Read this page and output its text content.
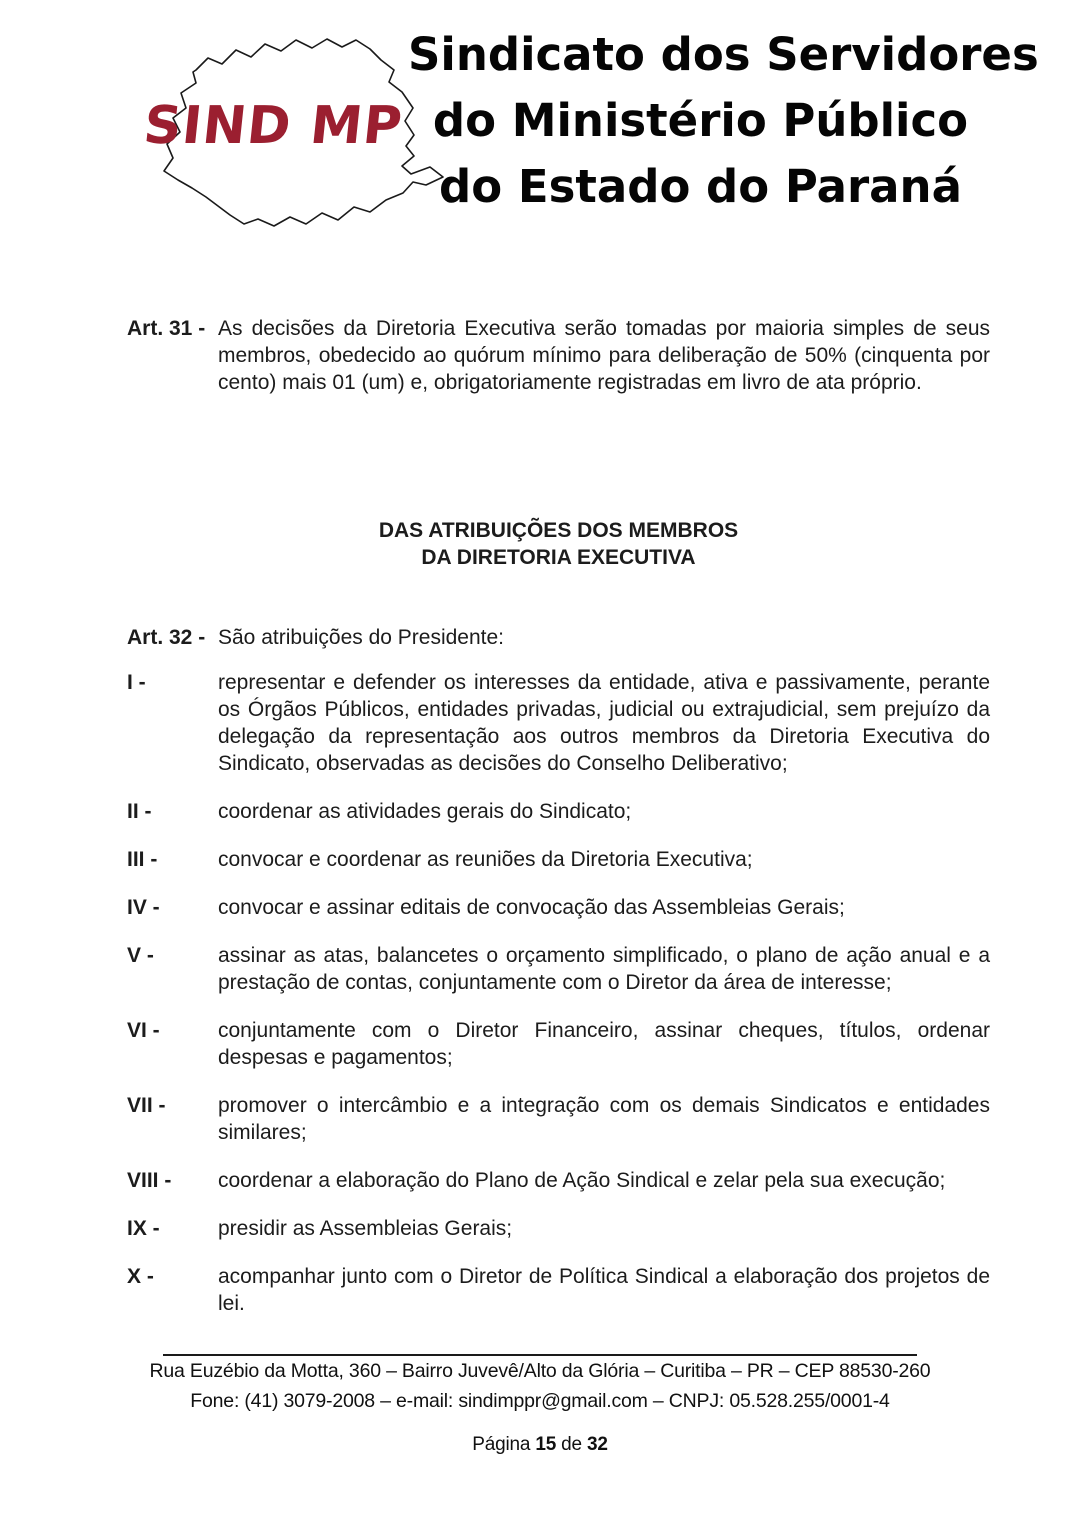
SIND MP
Sindicato dos Servidores
do Ministério Público
do Estado do Paraná
Art. 31 - As decisões da Diretoria Executiva serão tomadas por maioria simples de seus membros, obedecido ao quórum mínimo para deliberação de 50% (cinquenta por cento) mais 01 (um) e, obrigatoriamente registradas em livro de ata próprio.
DAS ATRIBUIÇÕES DOS MEMBROS
DA DIRETORIA EXECUTIVA
Art. 32 - São atribuições do Presidente:
I -	representar e defender os interesses da entidade, ativa e passivamente, perante os Órgãos Públicos, entidades privadas, judicial ou extrajudicial, sem prejuízo da delegação da representação aos outros membros da Diretoria Executiva do Sindicato, observadas as decisões do Conselho Deliberativo;
II -	coordenar as atividades gerais do Sindicato;
III -	convocar e coordenar as reuniões da Diretoria Executiva;
IV -	convocar e assinar editais de convocação das Assembleias Gerais;
V -	assinar as atas, balancetes o orçamento simplificado, o plano de ação anual e a prestação de contas, conjuntamente com o Diretor da área de interesse;
VI -	conjuntamente com o Diretor Financeiro, assinar cheques, títulos, ordenar despesas e pagamentos;
VII -	promover o intercâmbio e a integração com os demais Sindicatos e entidades similares;
VIII -	coordenar a elaboração do Plano de Ação Sindical e zelar pela sua execução;
IX -	presidir as Assembleias Gerais;
X -	acompanhar junto com o Diretor de Política Sindical a elaboração dos projetos de lei.
Rua Euzébio da Motta, 360 – Bairro Juvevê/Alto da Glória – Curitiba – PR – CEP 88530-260
Fone: (41) 3079-2008 – e-mail: sindimppr@gmail.com – CNPJ: 05.528.255/0001-4
Página 15 de 32
